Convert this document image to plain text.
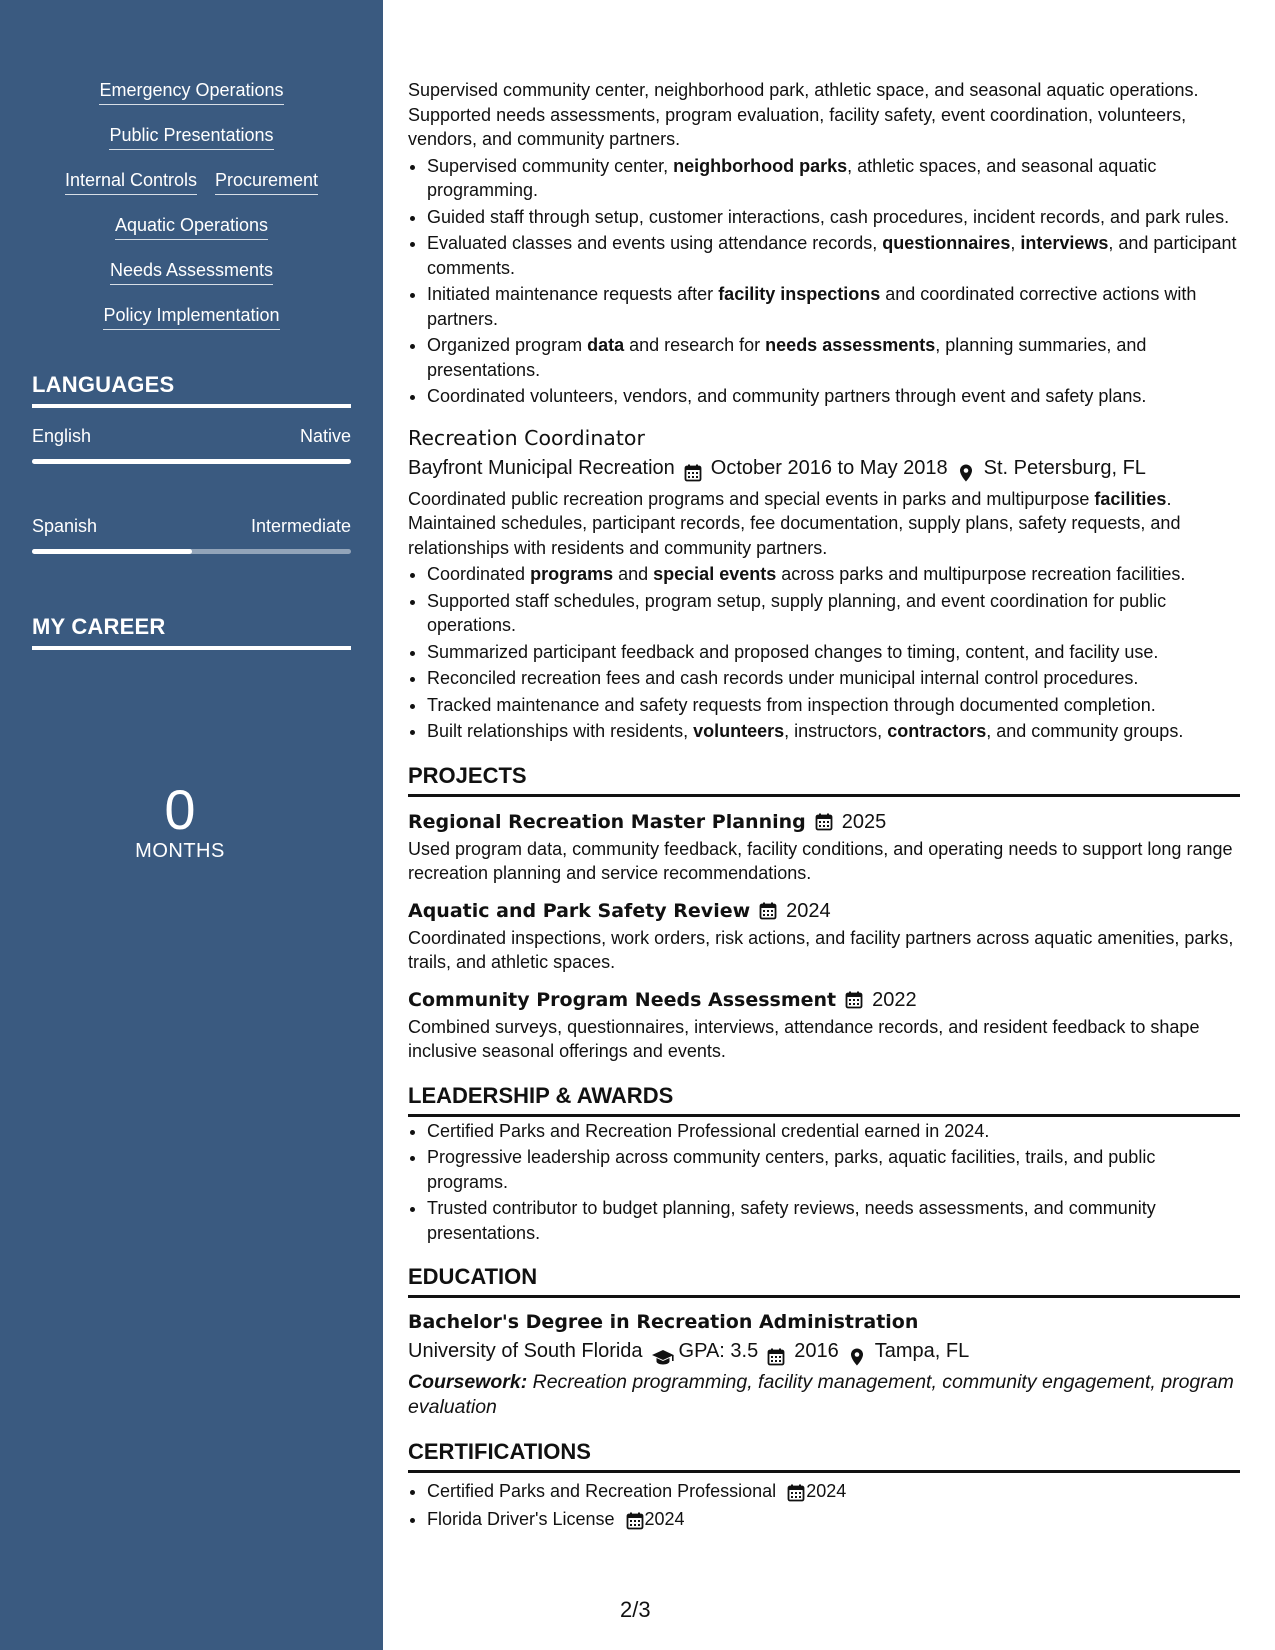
Emergency Operations
Public Presentations
Internal Controls Procurement
Aquatic Operations
Needs Assessments
Policy Implementation
LANGUAGES
English	Native
Spanish	Intermediate
MY CAREER
0
MONTHS

Supervised community center, neighborhood park, athletic space, and seasonal aquatic operations. Supported needs assessments, program evaluation, facility safety, event coordination, volunteers, vendors, and community partners.

• Supervised community center, neighborhood parks, athletic spaces, and seasonal aquatic programming.
• Guided staff through setup, customer interactions, cash procedures, incident records, and park rules.
• Evaluated classes and events using attendance records, questionnaires, interviews, and participant comments.
• Initiated maintenance requests after facility inspections and coordinated corrective actions with partners.
• Organized program data and research for needs assessments, planning summaries, and presentations.
• Coordinated volunteers, vendors, and community partners through event and safety plans.
Recreation Coordinator
Bayfront Municipal Recreation October 2016 to May 2018 St. Petersburg, FL

Coordinated public recreation programs and special events in parks and multipurpose facilities. Maintained schedules, participant records, fee documentation, supply plans, safety requests, and relationships with residents and community partners.

• Coordinated programs and special events across parks and multipurpose recreation facilities.
• Supported staff schedules, program setup, supply planning, and event coordination for public operations.
• Summarized participant feedback and proposed changes to timing, content, and facility use.
• Reconciled recreation fees and cash records under municipal internal control procedures.
• Tracked maintenance and safety requests from inspection through documented completion.
• Built relationships with residents, volunteers, instructors, contractors, and community groups.
PROJECTS
Regional Recreation Master Planning 2025

Used program data, community feedback, facility conditions, and operating needs to support long range recreation planning and service recommendations.

Aquatic and Park Safety Review 2024

Coordinated inspections, work orders, risk actions, and facility partners across aquatic amenities, parks, trails, and athletic spaces.

Community Program Needs Assessment 2022

Combined surveys, questionnaires, interviews, attendance records, and resident feedback to shape inclusive seasonal offerings and events.

LEADERSHIP & AWARDS
• Certified Parks and Recreation Professional credential earned in 2024.
• Progressive leadership across community centers, parks, aquatic facilities, trails, and public programs.
• Trusted contributor to budget planning, safety reviews, needs assessments, and community presentations.
EDUCATION
Bachelor's Degree in Recreation Administration
University of South Florida GPA: 3.5 2016 Tampa, FL

Coursework: Recreation programming, facility management, community engagement, program evaluation

CERTIFICATIONS
• Certified Parks and Recreation Professional 2024
• Florida Driver's License 2024
2/3
